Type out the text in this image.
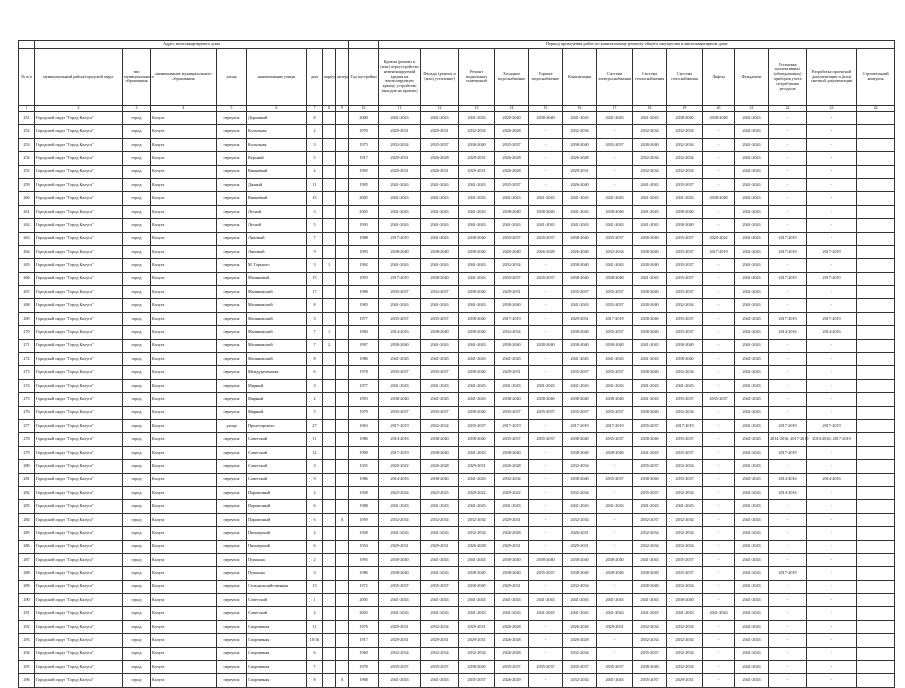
	Адрес многоквартирного дома									Период проведения работ по капитальному ремонту общего имущества в многоквартирном доме													
№ п/п	муниципальный район/городской округ	тип муниципального образования	наименование муниципального образования	улица	наименование улицы	дом	корпус	литера	Год постройки	Кровли (ремонт и (или) переустройство невентилируемой крыши на вентилируемую крышу, устройство выходов на кровлю)	Фасады (ремонт и (или) утепление)	Ремонт подвальных помещений	Холодное водоснабжение	Горячее водоснабжение	Канализация	Система электроснабжения	Система теплоснабжения	Система газоснабжения	Лифты	Фундамент	Установка коллективных (общедомовых) приборов учета потребления ресурсов	Разработка проектной документации и (или) сметной документации	Строительный контроль
1	2	3	4	5	6	7	8	9	10	11	12	13	14	15	16	17	18	19	20	21	22	23	24
251	Городской округ "Город Калуга"	город	Калуга	переулок	Дорожный	8			2000	2041-2043	2041-2043	2041-2043	2020-2040	2038-2040	2041-2043	2041-2043	2041-2043	2038-2040	2038-2040	2041-2043	-	-	
252	Городской округ "Город Калуга"	город	Калуга	переулок	Колхозная	2			1970	2029-2031	2029-2031	2032-2034	2026-2028	-	2032-2034	-	2032-2034	2032-2034	-	2041-2043	-	-	
253	Городской округ "Город Калуга"	город	Калуга	переулок	Колхозная	3			1975	2032-2034	2035-2037	2038-2040	2035-2037	-	2038-2040	2035-2037	2038-2040	2032-2034	-	2041-2043	-	-	
254	Городской округ "Город Калуга"	город	Калуга	переулок	Верхний	5			1917	2029-2031	2026-2028	2029-2031	2026-2028	-	2026-2028	-	2032-2034	2032-2034	-	2041-2043	-	-	
255	Городской округ "Город Калуга"	город	Калуга	переулок	Вишнёвый	4			1995	2020-2031	2026-2031	2029-2031	2026-2028	-	2029-2031	-	2032-2034	2032-2034	-	2041-2043	-	-	
259	Городской округ "Город Калуга"	город	Калуга	переулок	Дачный	11			1995	2041-2043	2041-2043	2041-2043	2035-2037	-	2026-2040	-	2041-2043	2035-2037	-	2041-2043	-	-	
260	Городской округ "Город Калуга"	город	Калуга	переулок	Вишнёвый	15			2005	2041-2043	2041-2043	2041-2043	2041-2043	2041-2043	2041-2043	2041-2043	2041-2043	2041-2043	2038-2040	2041-2043	-	-	
261	Городской округ "Город Калуга"	город	Калуга	переулок	Лесной	3			2005	2041-2043	2041-2043	2041-2043	2038-2040	2038-2040	2041-2043	2038-2040	2041-2043	2038-2040	-	2041-2043	-	-	
262	Городской округ "Город Калуга"	город	Калуга	переулок	Лесной	5			1993	2041-2043	2041-2043	2041-2043	2041-2043	2041-2043	2041-2043	2041-2043	2041-2043	2038-2040	-	2041-2043	-	-	
263	Городской округ "Город Калуга"	город	Калуга	переулок	Липовый	7			1988	2017-2019	2041-2043	2038-2040	2035-2037	2035-2037	2038-2040	2035-2037	2038-2040	2035-2037	2020-2022	2041-2043	2017-2019	-	
264	Городской округ "Город Калуга"	город	Калуга	переулок	Липовый	9			1993	2038-2040	2038-2040	2038-2040	2026-2040	2026-2028	2026-2040	2032-2034	2038-2040	2035-2037	2017-2019	2041-2043	2017-2019	2017-2019	
265	Городской округ "Город Калуга"	город	Калуга	переулок	М. Горького	3	1		1992	2041-2043	2041-2043	2041-2043	2032-2034	-	2038-2040	2041-2043	2038-2040	2035-2037	-	2041-2043	-	-	
266	Городской округ "Город Калуга"	город	Калуга	переулок	Малиновый	15			1993	2017-2019	2038-2040	2041-2043	2035-2037	2035-2037	2038-2040	2038-2040	2041-2043	2035-2037	-	2041-2043	2017-2019	2017-2019	
267	Городской округ "Город Калуга"	город	Калуга	переулок	Малиновский	17			1988	2035-2037	2032-2037	2038-2040	2029-2031	-	2035-2037	2035-2037	2038-2040	2035-2037	-	2041-2043	-	-	
268	Городской округ "Город Калуга"	город	Калуга	переулок	Малиновский	8			1983	2041-2043	2041-2043	2041-2043	2038-2040	-	2041-2043	2035-2037	2038-2040	2032-2034	-	2041-2043	-	-	
269	Городской округ "Город Калуга"	город	Калуга	переулок	Малиновский	3			1977	2035-2037	2035-2037	2038-2040	2017-2019	-	2029-2031	2017-2019	2038-2040	2035-2037	-	2041-2043	2017-2019	2017-2019	
270	Городской округ "Город Калуга"	город	Калуга	переулок	Малиновский	7	1		1984	2014-2016	2038-2040	2038-2040	2032-2034	-	2038-2040	2035-2037	2038-2040	2035-2037	-	2041-2043	2014-2016	2014-2016	
271	Городской округ "Город Калуга"	город	Калуга	переулок	Малиновский	7	2		1997	2038-2040	2041-2043	2041-2043	2038-2040	2038-2040	2038-2040	2038-2040	2041-2043	2038-2040	-	2041-2043	-	-	
272	Городской округ "Город Калуга"	город	Калуга	переулок	Малиновский	8			1986	2041-2043	2041-2043	2041-2043	2041-2043	-	2041-2043	2041-2043	2041-2043	2038-2040	-	2041-2043	-	-	
273	Городской округ "Город Калуга"	город	Калуга	переулок	Междуреченская	6			1978	2035-2037	2035-2037	2038-2040	2029-2031	-	2035-2037	2035-2037	2038-2040	2032-2034	-	2041-2043	-	-	
274	Городской округ "Город Калуга"	город	Калуга	переулок	Мирный	3			1977	2041-2043	2041-2043	2041-2043	2041-2043	2041-2043	2041-2043	2041-2043	2041-2043	2041-2043	-	2041-2043	-	-	
275	Городской округ "Город Калуга"	город	Калуга	переулок	Мирный	2			1993	2038-2040	2041-2043	2041-2043	2038-2040	2038-2040	2038-2040	2038-2040	2041-2043	2035-2037	2035-2037	2041-2043	-	-	
276	Городской округ "Город Калуга"	город	Калуга	переулок	Мирный	5			1979	2035-2037	2035-2037	2038-2040	2035-2037	2035-2037	2035-2037	2035-2037	2038-2040	2032-2034	-	2041-2043	-	-	
277	Городской округ "Город Калуга"	город	Калуга	улица	Пролетарского	27			1963	2017-2019	2032-2034	2035-2037	2017-2019	-	2017-2019	2017-2019	2035-2037	2017-2019	-	2041-2043	2017-2019	2017-2019	
278	Городской округ "Город Калуга"	город	Калуга	переулок	Советский	11			1986	2014-2016	2038-2040	2038-2040	2035-2037	2035-2037	2038-2040	2035-2037	2038-2040	2035-2037	-	2041-2043	2014-2016, 2017-2019	2014-2016, 2017-2019	
279	Городской округ "Город Калуга"	город	Калуга	переулок	Советский	12			1990	2017-2019	2038-2040	2041-2043	2038-2040	-	2038-2040	2038-2040	2041-2043	2035-2037	-	2041-2043	2017-2019	-	
280	Городской округ "Город Калуга"	город	Калуга	переулок	Советский	3			1935	2020-2022	2026-2028	2029-2031	2026-2028	-	2032-2034	-	2035-2037	2032-2034	-	2041-2043	-	-	
281	Городской округ "Город Калуга"	город	Калуга	переулок	Советский	9			1986	2014-2016	2038-2040	2041-2043	2032-2034	-	2038-2040	2035-2037	2038-2040	2035-2037	-	2041-2043	2014-2016	2014-2016	
282	Городской округ "Город Калуга"	город	Калуга	переулок	Паровозный	4			1958	2023-2024	2023-2025	2029-2022	2029-2022	-	2032-2034	-	2035-2037	2032-2034	-	2041-2043	2014-2016	-	
283	Городской округ "Город Калуга"	город	Калуга	переулок	Паровозный	6			1988	2041-2043	2041-2043	2041-2043	2041-2043	-	2041-2043	2041-2043	2041-2043	2041-2043	-	2041-2043	-	-	
284	Городской округ "Город Калуга"	город	Калуга	переулок	Паровозный	6		А	1959	2032-2034	2032-2034	2032-2034	2029-2031	-	2032-2034	-	2032-2037	2032-2034	-	2041-2043	-	-	
285	Городской округ "Город Калуга"	город	Калуга	переулок	Пионерский	4			1958	2041-2043	2041-2043	2032-2034	2026-2028	-	2026-2031	-	2032-2034	2032-2034	-	2041-2043	-	-	
286	Городской округ "Город Калуга"	город	Калуга	переулок	Пионерский	6			1954	2029-2031	2029-2031	2026-2028	2029-2031	-	2029-2031	-	2032-2034	2032-2034	-	2041-2043	-	-	
287	Городской округ "Город Калуга"	город	Калуга	переулок	Пушкина	2			1993	2038-2040	2041-2043	2041-2043	2038-2040	2038-2040	2038-2040	2038-2040	2041-2043	2035-2037	-	2041-2043	-	-	
288	Городской округ "Город Калуга"	город	Калуга	переулок	Пушкина	3			1986	2038-2040	2041-2043	2038-2040	2038-2040	2035-2037	2038-2040	2038-2040	2038-2040	2035-2037	-	2041-2043	2017-2019	-	
289	Городской округ "Город Калуга"	город	Калуга	переулок	Сельскохозяйственная	13			1972	2035-2037	2035-2037	2038-2040	2029-2031	-	2032-2034	-	2038-2040	2032-2034	-	2041-2043	-	-	
290	Городской округ "Город Калуга"	город	Калуга	переулок	Советский	1			2005	2041-2043	2041-2043	2041-2043	2041-2043	2041-2043	2041-2043	2041-2043	2041-2043	2038-2040	-	2041-2043	-	-	
291	Городской округ "Город Калуга"	город	Калуга	переулок	Советский	4			2003	2041-2043	2041-2043	2041-2043	2041-2043	2041-2043	2041-2043	2041-2043	2041-2043	2041-2043	2041-2043	2041-2043	-	-	
292	Городской округ "Город Калуга"	город	Калуга	переулок	Спортивная	11			1976	2029-2031	2032-2034	2029-2031	2026-2028	-	2026-2028	2029-2031	2032-2034	2032-2034	-	2041-2043	-	-	
293	Городской округ "Город Калуга"	город	Калуга	переулок	Спортивная	10/16			1917	2029-2031	2029-2031	2029-2031	2026-2028	-	2026-2028	-	2032-2034	2032-2034	-	2041-2043	-	-	
294	Городской округ "Город Калуга"	город	Калуга	переулок	Спортивная	6			1960	2032-2034	2032-2034	2032-2034	2026-2028	-	2032-2034	-	2035-2037	2032-2034	-	2041-2043	-	-	
295	Городской округ "Город Калуга"	город	Калуга	переулок	Спортивная	7			1978	2035-2037	2035-2037	2038-2040	2035-2037	2035-2037	2035-2037	2035-2037	2038-2040	2032-2034	-	2041-2043	-	-	
296	Городской округ "Город Калуга"	город	Калуга	переулок	Спортивная	8		А	1968	2041-2043	2041-2043	2035-2037	2026-2029	-	2032-2034	2041-2043	2035-2037	2029-2031	-	2041-2043	-	-	
